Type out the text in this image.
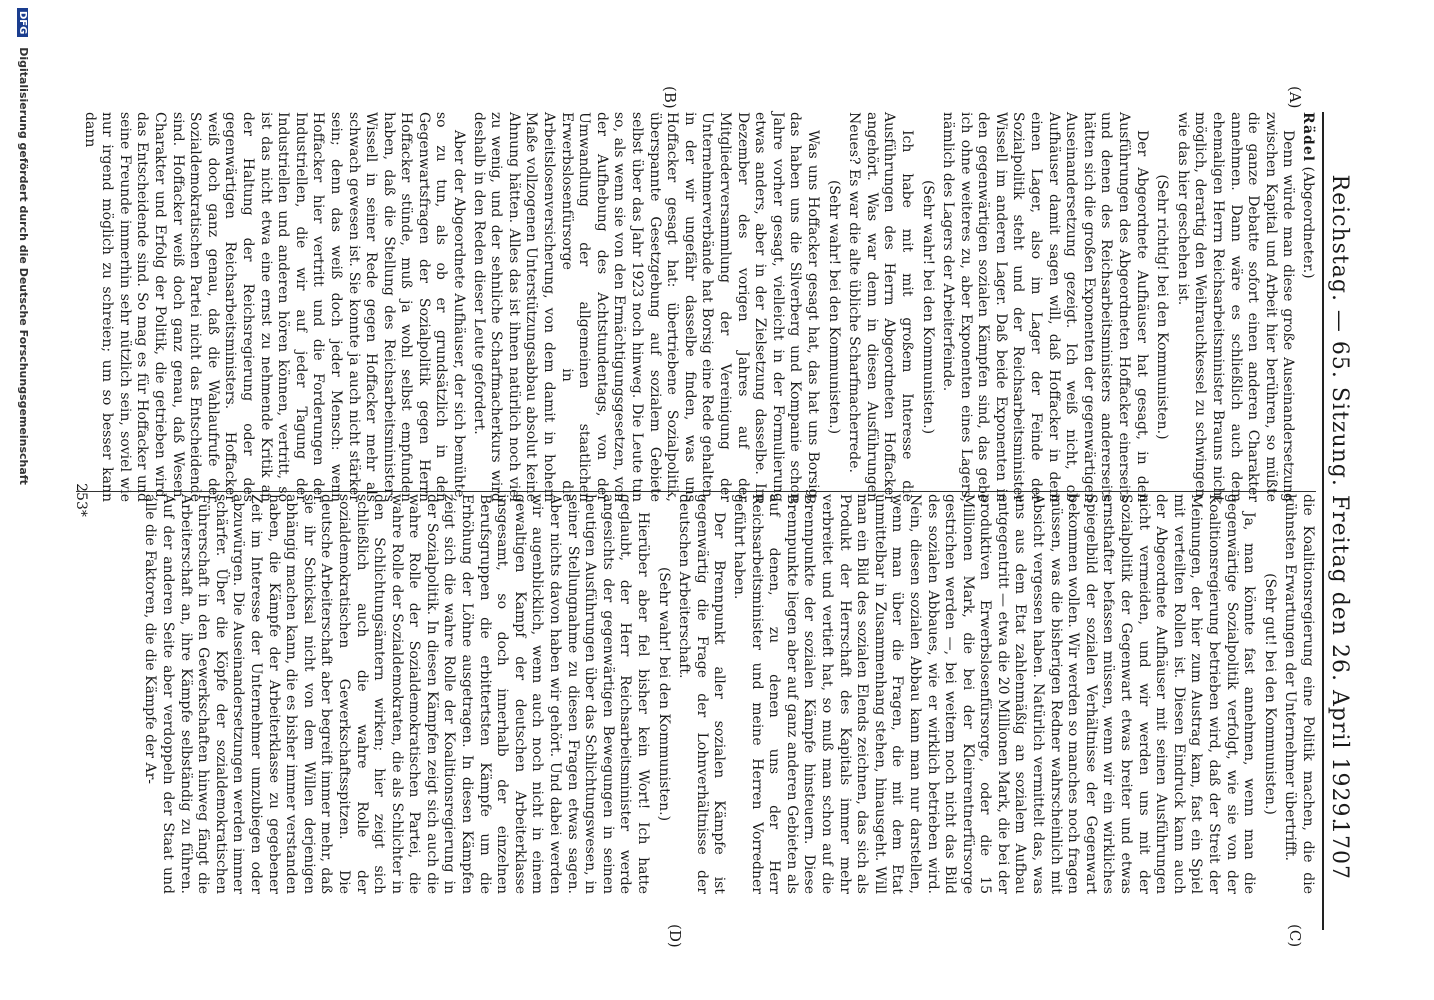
Reichstag. — 65. Sitzung. Freitag den 26. April 1929.
1707
(A)
(B)
(C)
(D)

Rädel (Abgeordneter.)

Denn würde man diese große Auseinandersetzung zwischen Kapital und Arbeit hier berühren, so müßte die ganze Debatte sofort einen anderen Charakter annehmen. Dann wäre es schließlich auch dem ehemaligen Herrn Reichsarbeitsminister Brauns nicht möglich, derartig den Weihrauchkessel zu schwingen, wie das hier geschehen ist.

(Sehr richtig! bei den Kommunisten.)

Der Abgeordnete Aufhäuser hat gesagt, in den Ausführungen des Abgeordneten Hoffacker einerseits und denen des Reichsarbeitsministers andererseits hätten sich die großen Exponenten der gegenwärtigen Auseinandersetzung gezeigt. Ich weiß nicht, ob Aufhäuser damit sagen will, daß Hoffacker in dem einen Lager, also im Lager der Feinde der Sozialpolitik steht und der Reichsarbeitsminister Wissell im anderen Lager. Daß beide Exponenten in den gegenwärtigen sozialen Kämpfen sind, das gebe ich ohne weiteres zu, aber Exponenten eines Lagers, nämlich des Lagers der Arbeiterfeinde.

(Sehr wahr! bei den Kommunisten.)

Ich habe mit mit großem Interesse die Ausführungen des Herrn Abgeordneten Hoffacker angehört. Was war denn in diesen Ausführungen Neues? Es war die alte übliche Scharfmacherrede.

(Sehr wahr! bei den Kommunisten.)

Was uns Hoffacker gesagt hat, das hat uns Borsig, das haben uns die Silverberg und Kompanie schon Jahre vorher gesagt, vielleicht in der Formulierung etwas anders, aber in der Zielsetzung dasselbe. Im Dezember des vorigen Jahres auf der Mitgliederversammlung der Vereinigung der Unternehmerverbände hat Borsig eine Rede gehalten, in der wir ungefähr dasselbe finden, was uns Hoffacker gesagt hat: übertriebene Sozialpolitik, überspannte Gesetzgebung auf sozialem Gebiete selbst über das Jahr 1923 noch hinweg. Die Leute tun so, als wenn sie von den Ermächtigungsgesetzen, von der Aufhebung des Achtstundentags, von der Umwandlung der allgemeinen staatlichen Erwerbslosenfürsorge in die Arbeitslosenversicherung, von dem damit in hohem Maße vollzogenen Unterstützungsabbau absolut keine Ahnung hätten. Alles das ist ihnen natürlich noch viel zu wenig, und der sehnliche Scharfmacherkurs wird deshalb in den Reden dieser Leute gefordert.

Aber der Abgeordnete Aufhäuser, der sich bemühte, so zu tun, als ob er grundsätzlich in den Gegenwartsfragen der Sozialpolitik gegen Herrn Hoffacker stünde, muß ja wohl selbst empfunden haben, daß die Stellung des Reichsarbeitsministers Wissell in seiner Rede gegen Hoffacker mehr als schwach gewesen ist. Sie konnte ja auch nicht stärker sein; denn das weiß doch jeder Mensch: wenn Hoffacker hier vertritt und die Forderungen der Industriellen, die wir auf jeder Tagung der Industriellen und anderen hören können, vertritt, so ist das nicht etwa eine ernst zu nehmende Kritik an der Haltung der Reichsregierung oder des gegenwärtigen Reichsarbeitsministers. Hoffacker weiß doch ganz genau, daß die Wahlaufrufe der Sozialdemokratischen Partei nicht das Entscheidende sind. Hoffacker weiß doch ganz genau, daß Wesen, Charakter und Erfolg der Politik, die getrieben wird, das Entscheidende sind. So mag es für Hoffacker und seine Freunde immerhin sehr nützlich sein, soviel wie nur irgend möglich zu schreien; um so besser kann dann

die Koalitionsregierung eine Politik machen, die die kühnsten Erwartungen der Unternehmer übertrifft.

(Sehr gut! bei den Kommunisten.)

Ja, man könnte fast annehmen, wenn man die gegenwärtige Sozialpolitik verfolgt, wie sie von der Koalitionsregierung betrieben wird, daß der Streit der Meinungen, der hier zum Austrag kam, fast ein Spiel mit verteilten Rollen ist. Diesen Eindruck kann auch der Abgeordnete Aufhäuser mit seinen Ausführungen nicht vermeiden, und wir werden uns mit der Sozialpolitik der Gegenwart etwas breiter und etwas ernsthafter befassen müssen, wenn wir ein wirkliches Spiegelbild der sozialen Verhältnisse der Gegenwart bekommen wollen. Wir werden so manches noch fragen müssen, was die bisherigen Redner wahrscheinlich mit Absicht vergessen haben. Natürlich vermittelt das, was uns aus dem Etat zahlenmäßig an sozialem Aufbau entgegentritt — etwa die 20 Millionen Mark, die bei der produktiven Erwerbslosenfürsorge, oder die 15 Millionen Mark, die bei der Kleinrentnerfürsorge gestrichen werden —, bei weitem noch nicht das Bild des sozialen Abbaues, wie er wirklich betrieben wird. Nein, diesen sozialen Abbau kann man nur darstellen, wenn man über die Fragen, die mit dem Etat unmittelbar in Zusammenhang stehen, hinausgeht. Will man ein Bild des sozialen Elends zeichnen, das sich als Produkt der Herrschaft des Kapitals immer mehr verbreitet und vertieft hat, so muß man schon auf die Brennpunkte der sozialen Kämpfe hinsteuern. Diese Brennpunkte liegen aber auf ganz anderen Gebieten als auf denen, zu denen uns der Herr Reichsarbeitsminister und meine Herren Vorredner geführt haben.

Der Brennpunkt aller sozialen Kämpfe ist gegenwärtig die Frage der Lohnverhältnisse der deutschen Arbeiterschaft.

(Sehr wahr! bei den Kommunisten.)

Hierüber aber fiel bisher kein Wort! Ich hatte geglaubt, der Herr Reichsarbeitsminister werde angesichts der gegenwärtigen Bewegungen in seinen heutigen Ausführungen über das Schlichtungswesen, in seiner Stellungnahme zu diesen Fragen etwas sagen. Aber nichts davon haben wir gehört. Und dabei werden wir augenblicklich, wenn auch noch nicht in einem gewaltigen Kampf der deutschen Arbeiterklasse insgesamt, so doch innerhalb der einzelnen Berufsgruppen die erbittertsten Kämpfe um die Erhöhung der Löhne ausgetragen. In diesen Kämpfen zeigt sich die wahre Rolle der Koalitionsregierung in der Sozialpolitik. In diesen Kämpfen zeigt sich auch die wahre Rolle der Sozialdemokratischen Partei, die wahre Rolle der Sozialdemokraten, die als Schlichter in den Schlichtungsämtern wirken; hier zeigt sich schließlich auch die wahre Rolle der sozialdemokratischen Gewerkschaftsspitzen. Die deutsche Arbeiterschaft aber begreift immer mehr, daß sie ihr Schicksal nicht von dem Willen derjenigen abhängig machen kann, die es bisher immer verstanden haben, die Kämpfe der Arbeiterklasse zu gegebener Zeit im Interesse der Unternehmer umzubiegen oder abzuwürgen. Die Auseinandersetzungen werden immer schärfer. Über die Köpfe der sozialdemokratischen Führerschaft in den Gewerkschaften hinweg fängt die Arbeiterschaft an, ihre Kämpfe selbständig zu führen. Auf der anderen Seite aber verdoppeln der Staat und alle die Faktoren, die die Kämpfe der Ar-

253*
DFG Digitalisierung gefördert durch die Deutsche Forschungsgemeinschaft
